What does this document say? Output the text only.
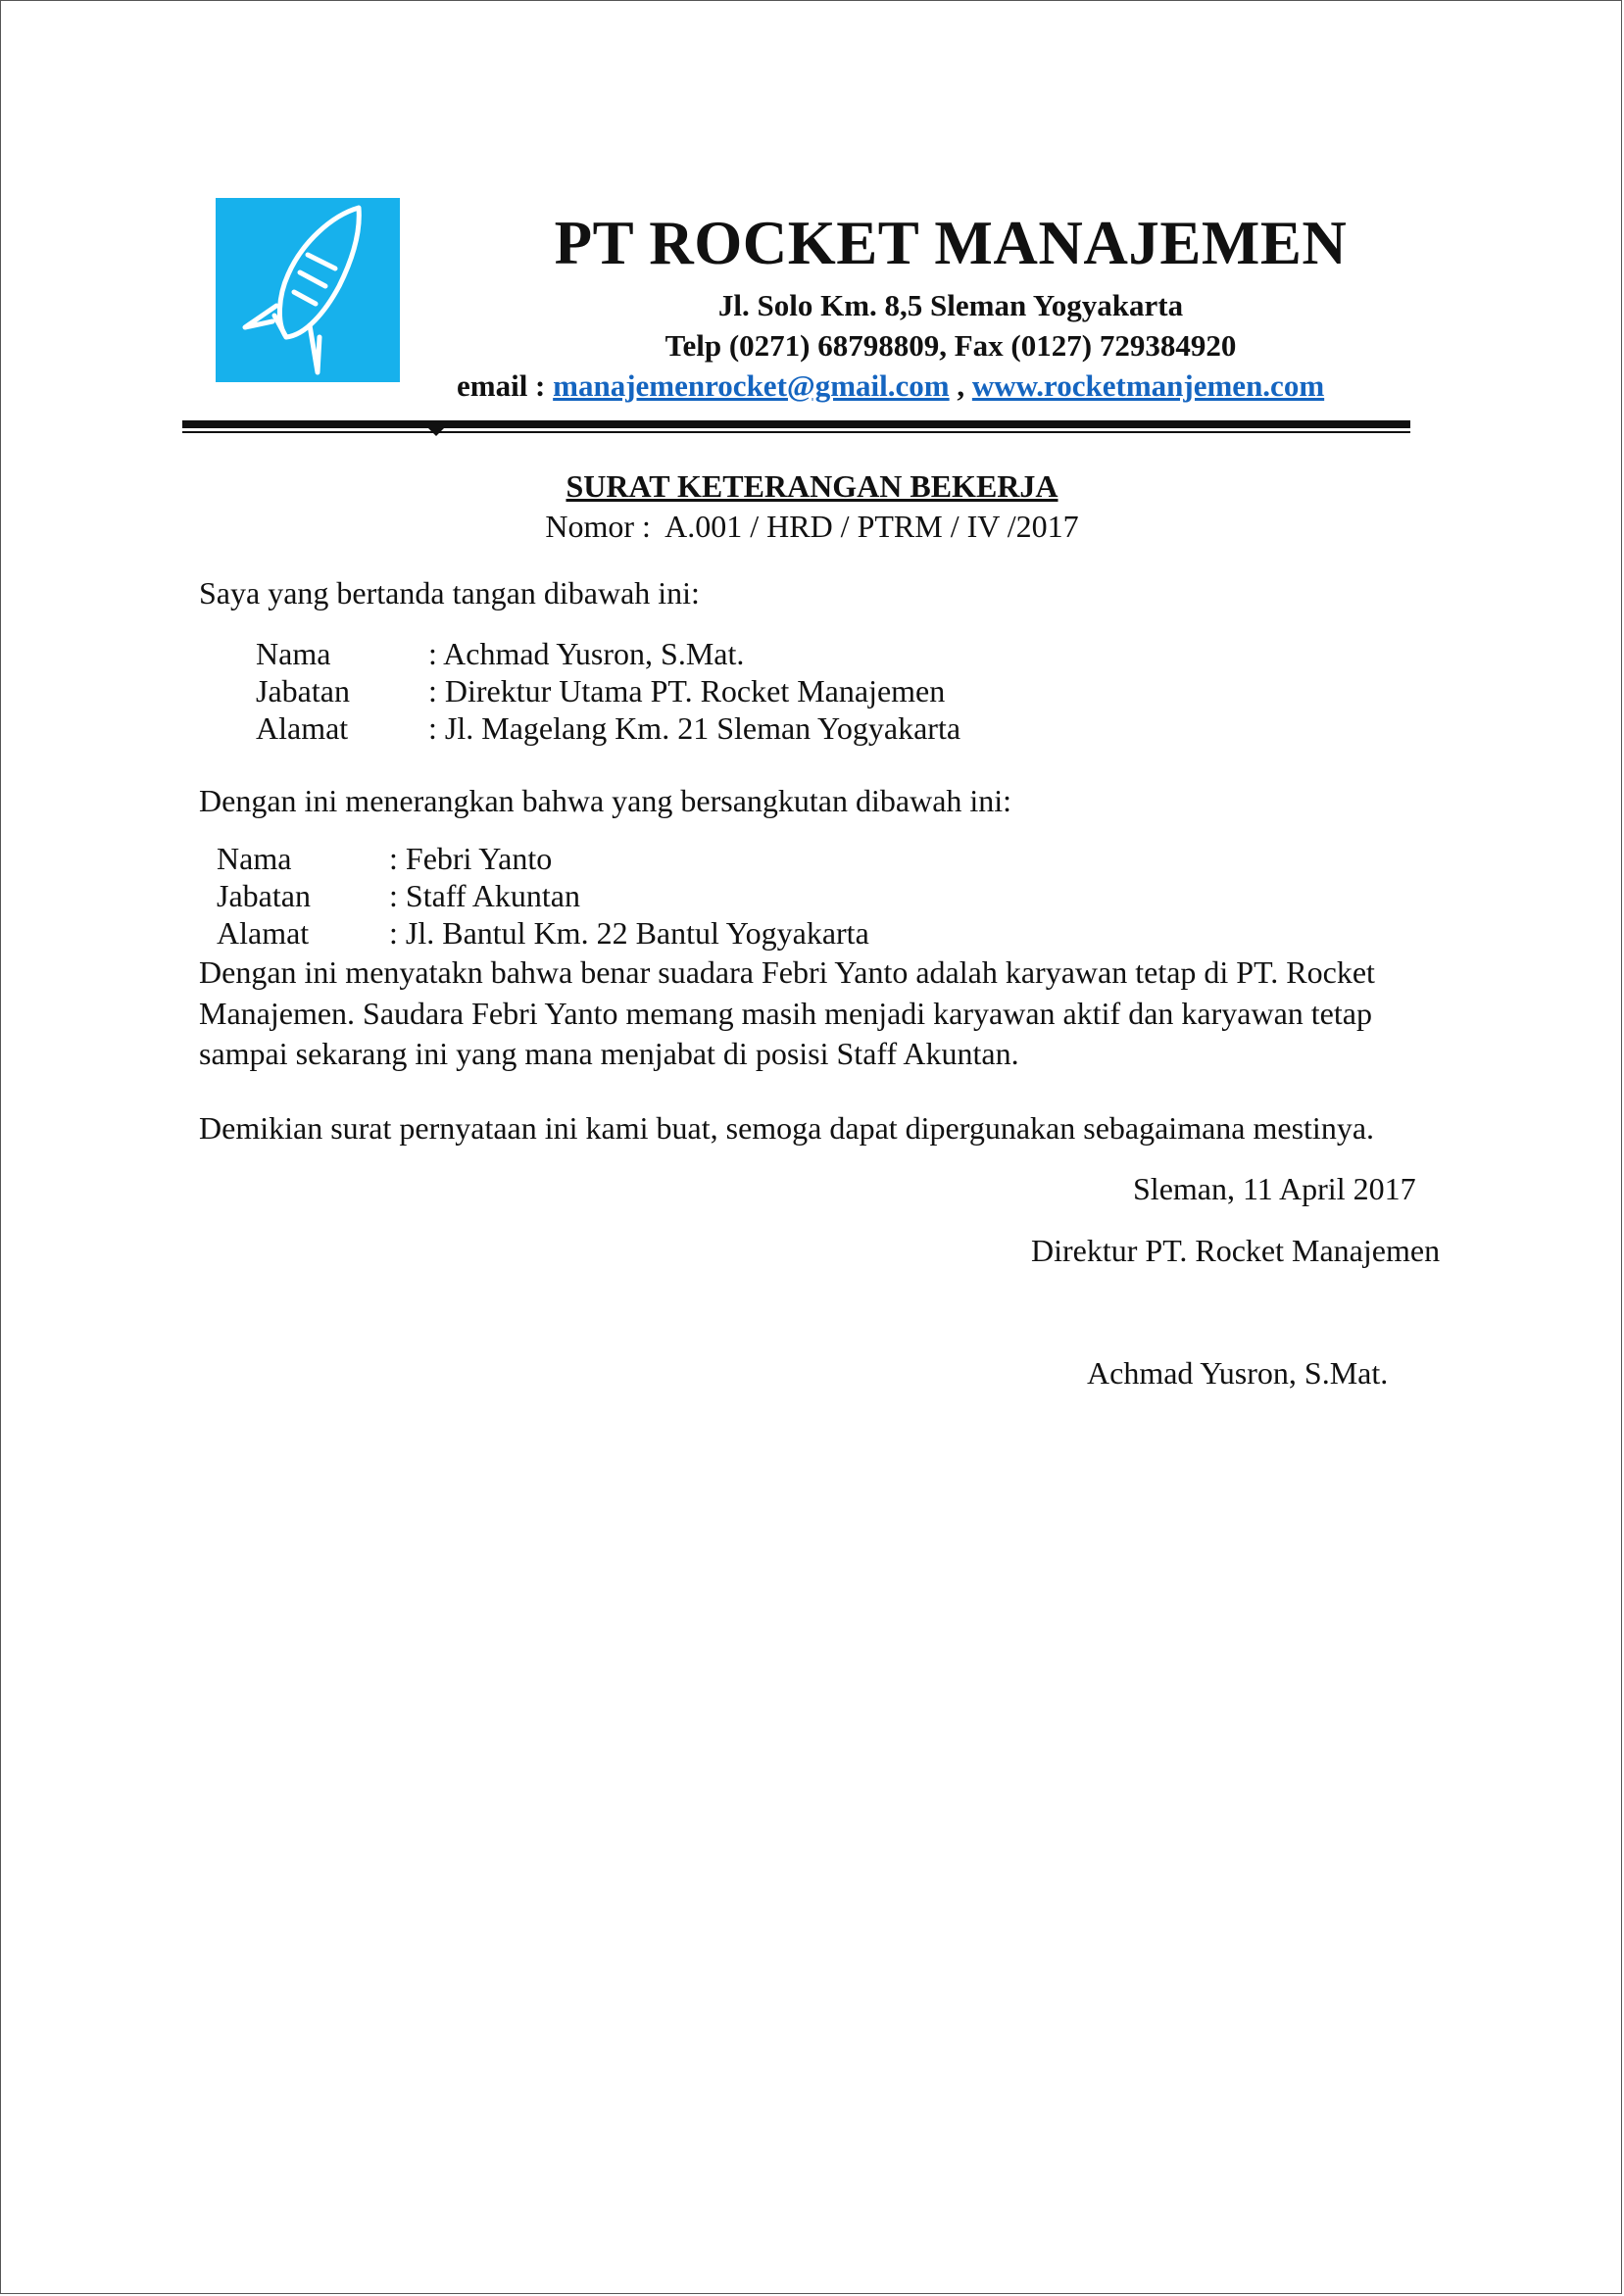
PT ROCKET MANAJEMEN
Jl. Solo Km. 8,5 Sleman Yogyakarta
Telp (0271) 68798809, Fax (0127) 729384920
email : manajemenrocket@gmail.com , www.rocketmanjemen.com
SURAT KETERANGAN BEKERJA
Nomor :  A.001 / HRD / PTRM / IV /2017
Saya yang bertanda tangan dibawah ini:
Nama	: Achmad Yusron, S.Mat.
Jabatan	: Direktur Utama PT. Rocket Manajemen
Alamat	: Jl. Magelang Km. 21 Sleman Yogyakarta
Dengan ini menerangkan bahwa yang bersangkutan dibawah ini:
Nama	: Febri Yanto
Jabatan	: Staff Akuntan
Alamat	: Jl. Bantul Km. 22 Bantul Yogyakarta
Dengan ini menyatakn bahwa benar suadara Febri Yanto adalah karyawan tetap di PT. Rocket
Manajemen. Saudara Febri Yanto memang masih menjadi karyawan aktif dan karyawan tetap
sampai sekarang ini yang mana menjabat di posisi Staff Akuntan.
Demikian surat pernyataan ini kami buat, semoga dapat dipergunakan sebagaimana mestinya.
Sleman, 11 April 2017
Direktur PT. Rocket Manajemen
Achmad Yusron, S.Mat.
